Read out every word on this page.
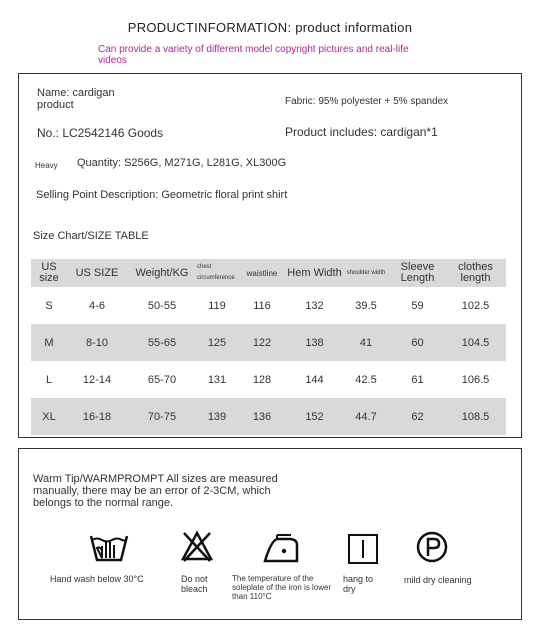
PRODUCTINFORMATION: product information
Can provide a variety of different model copyright pictures and real-life videos
Name: cardigan product	Fabric: 95% polyester + 5% spandex
No.: LC2542146 Goods	Product includes: cardigan*1
Heavy Quantity: S256G, M271G, L281G, XL300G
Selling Point Description: Geometric floral print shirt
Size Chart/SIZE TABLE
US size	US SIZE	Weight/KG	chest circumference	waistline	Hem Width	shoulder width	Sleeve Length	clothes length
S	4-6	50-55	119	116	132	39.5	59	102.5
M	8-10	55-65	125	122	138	41	60	104.5
L	12-14	65-70	131	128	144	42.5	61	106.5
XL	16-18	70-75	139	136	152	44.7	62	108.5
Warm Tip/WARMPROMPT All sizes are measured manually, there may be an error of 2-3CM, which belongs to the normal range.
Hand wash below 30°C	Do not bleach
The temperature of the soleplate of the iron is lower than 110°C
hang to dry
mild dry cleaning
